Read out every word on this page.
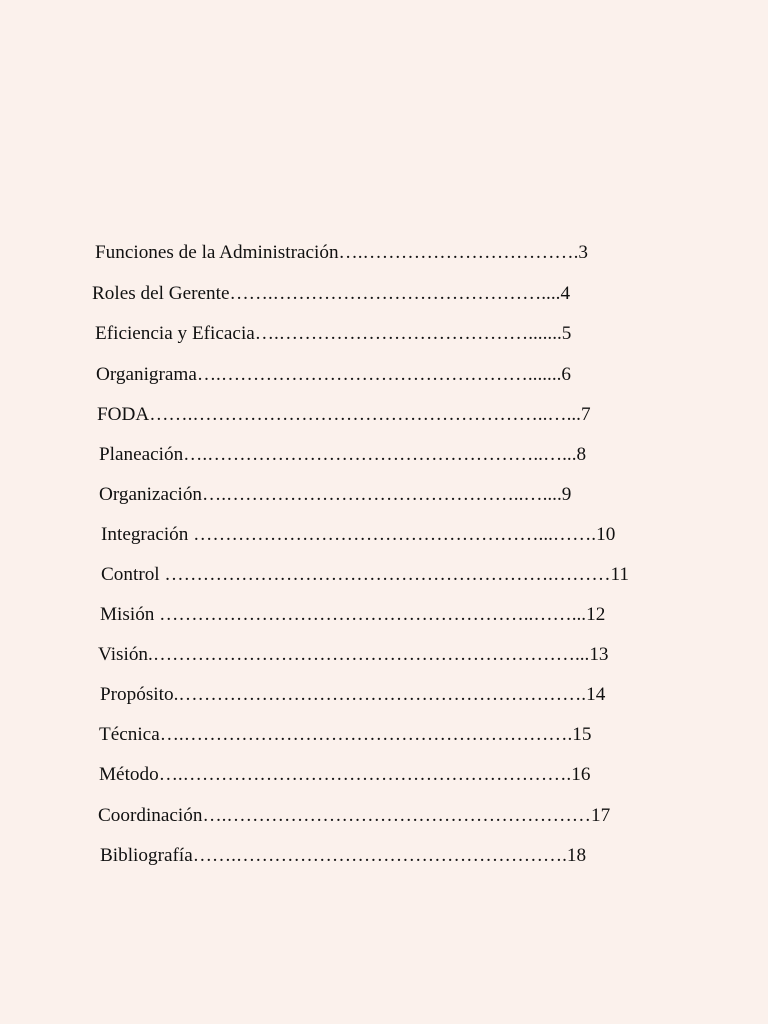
Funciones de la Administración….…………………………….3
Roles del Gerente…….……………………………………....4
Eficiencia y Eficacia….………………………………….......5
Organigrama….………………………………………….......6
FODA…….………………………………………………..…...7
Planeación….……………………………………………..…...8
Organización….………………………………………..…....9
Integración ………………………………………………...…….10
Control …………………………………………………….………11
Misión …………………………………………………..……...12
Visión.…………………………………………………………...13
Propósito.……………………………………………………….14
Técnica….…………………………………………………….15
Método….…………………………………………………….16
Coordinación….…………………………………………………17
Bibliografía…….…………………………………………….18
